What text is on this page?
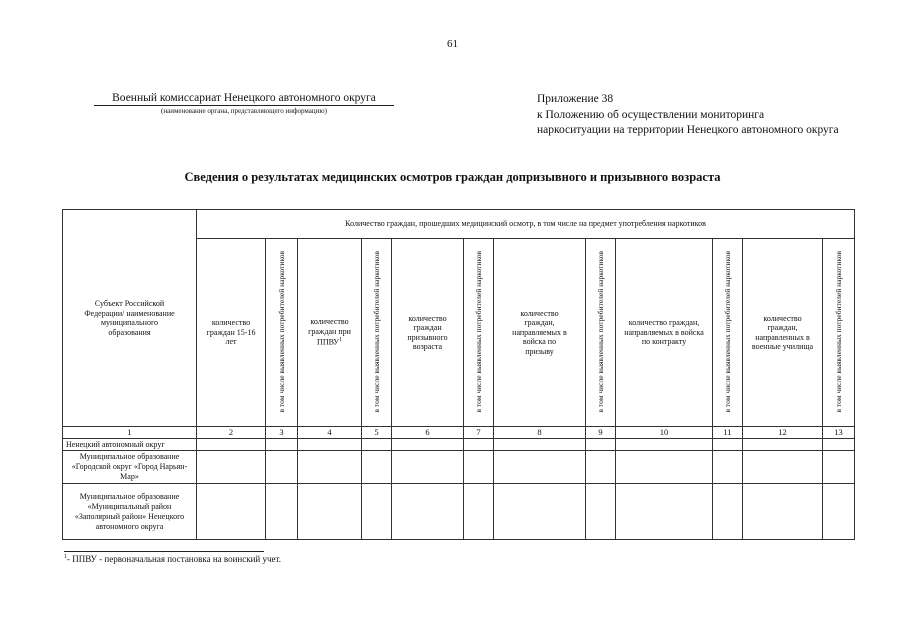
61
Военный комиссариат Ненецкого автономного округа
(наименование органа, представляющего информацию)
Приложение 38
к Положению об осуществлении мониторинга
наркоситуации на территории Ненецкого автономного округа
Сведения о результатах медицинских осмотров граждан допризывного и призывного возраста
Субъект Российской Федерации/ наименование муниципального образования	Количество граждан, прошедших медицинский осмотр, в том числе на предмет употребления наркотиков											

	количество граждан 15-16 лет	в том числе выявленных потребителей наркотиков	количество граждан при ППВУ$^1$	в том числе выявленных потребителей наркотиков	количество граждан призывного возраста	в том числе выявленных потребителей наркотиков	количество граждан, направляемых в войска по призыву	в том числе выявленных потребителей наркотиков	количество граждан, направляемых в войска по контракту	в том числе выявленных потребителей наркотиков	количество граждан, направленных в военные училища	в том числе выявленных потребителей наркотиков
1	2	3	4	5	6	7	8	9	10	11	12	13
Ненецкий автономный округ												
Муниципальное образование «Городской округ «Город Нарьян-Мар»												
Муниципальное образование «Муниципальный район «Заполярный район» Ненецкого автономного округа												
$^1$- ППВУ - первоначальная постановка на воинский учет.
